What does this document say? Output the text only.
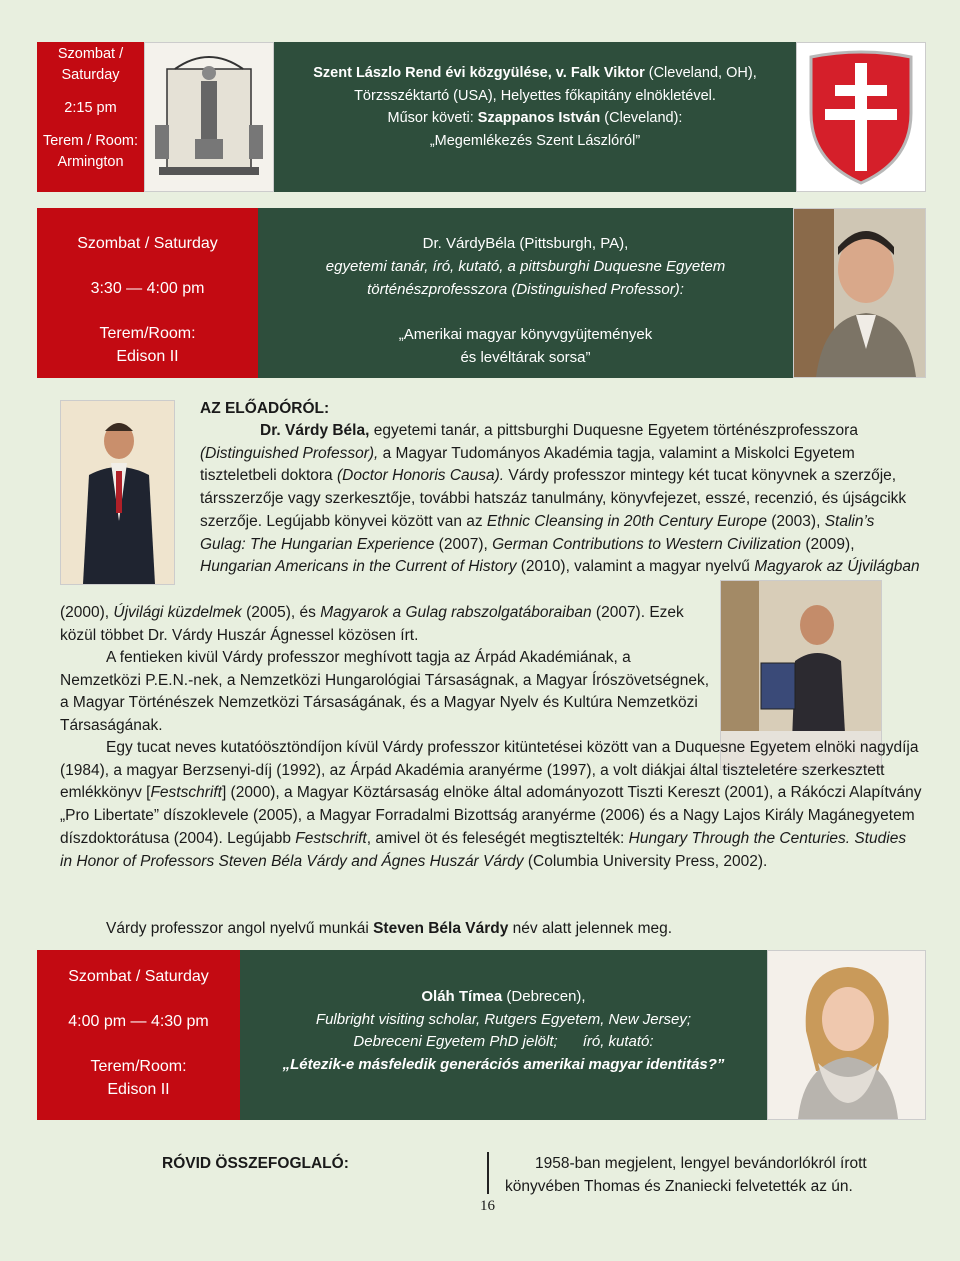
Szombat / Saturday
2:15 pm
Terem / Room:
Armington
Szent Lászlo Rend évi közgyülése, v. Falk Viktor (Cleveland, OH),
Törzsszéktartó (USA), Helyettes főkapitány elnökletével.
Műsor követi: Szappanos István (Cleveland):
„Megemlékezés Szent Lászlóról”
Szombat / Saturday
3:30 — 4:00 pm
Terem/Room:
Edison II
Dr. VárdyBéla (Pittsburgh, PA),
egyetemi tanár, író, kutató, a pittsburghi Duquesne Egyetem
történészprofesszora (Distinguished Professor):
„Amerikai magyar könyvgyüjtemények
és levéltárak sorsa”
AZ ELŐADÓRÓL:
Dr. Várdy Béla, egyetemi tanár, a pittsburghi Duquesne Egyetem történészprofesszora (Distinguished Professor), a Magyar Tudományos Akadémia tagja, valamint a Miskolci Egyetem tiszteletbeli doktora (Doctor Honoris Causa). Várdy professzor mintegy két tucat könyvnek a szerzője, társszerzője vagy szerkesztője, további hatszáz tanulmány, könyvfejezet, esszé, recenzió, és újságcikk szerzője. Legújabb könyvei között van az Ethnic Cleansing in 20th Century Europe (2003), Stalin’s Gulag: The Hungarian Experience (2007), German Contributions to Western Civilization (2009), Hungarian Americans in the Current of History (2010), valamint a magyar nyelvű Magyarok az Újvilágban
(2000), Újvilági küzdelmek (2005), és Magyarok a Gulag rabszolgatáboraiban (2007). Ezek közül többet Dr. Várdy Huszár Ágnessel közösen írt.
A fentieken kivül Várdy professzor meghívott tagja az Árpád Akadémiának, a Nemzetközi P.E.N.-nek, a Nemzetközi Hungarológiai Társaságnak, a Magyar Írószövetségnek, a Magyar Történészek Nemzetközi Társaságának, és a Magyar Nyelv és Kultúra Nemzetközi Társaságának.
Egy tucat neves kutatóösztöndíjon kívül Várdy professzor kitüntetései között van a Duquesne Egyetem elnöki nagydíja (1984), a magyar Berzsenyi-díj (1992), az Árpád Akadémia aranyérme (1997), a volt diákjai által tiszteletére szerkesztett emlékkönyv [Festschrift] (2000), a Magyar Köztársaság elnöke által adományozott Tiszti Kereszt (2001), a Rákóczi Alapítvány „Pro Libertate” díszoklevele (2005), a Magyar Forradalmi Bizottság aranyérme (2006) és a Nagy Lajos Király Magánegyetem díszdoktorátusa (2004). Legújabb Festschrift, amivel öt és feleségét megtisztelték: Hungary Through the Centuries. Studies in Honor of Professors Steven Béla Várdy and Ágnes Huszár Várdy (Columbia University Press, 2002).
Várdy professzor angol nyelvű munkái Steven Béla Várdy név alatt jelennek meg.
Szombat / Saturday
4:00 pm — 4:30 pm
Terem/Room:
Edison II
Oláh Tímea (Debrecen),
Fulbright visiting scholar, Rutgers Egyetem, New Jersey;
Debreceni Egyetem PhD jelölt;      író, kutató:
„Létezik-e másfeledik generációs amerikai magyar identitás?”
RÓVID ÖSSZEFOGLALÓ:
16
1958-ban megjelent, lengyel bevándorlókról írott
könyvében Thomas és Znaniecki felvetették az ún.
